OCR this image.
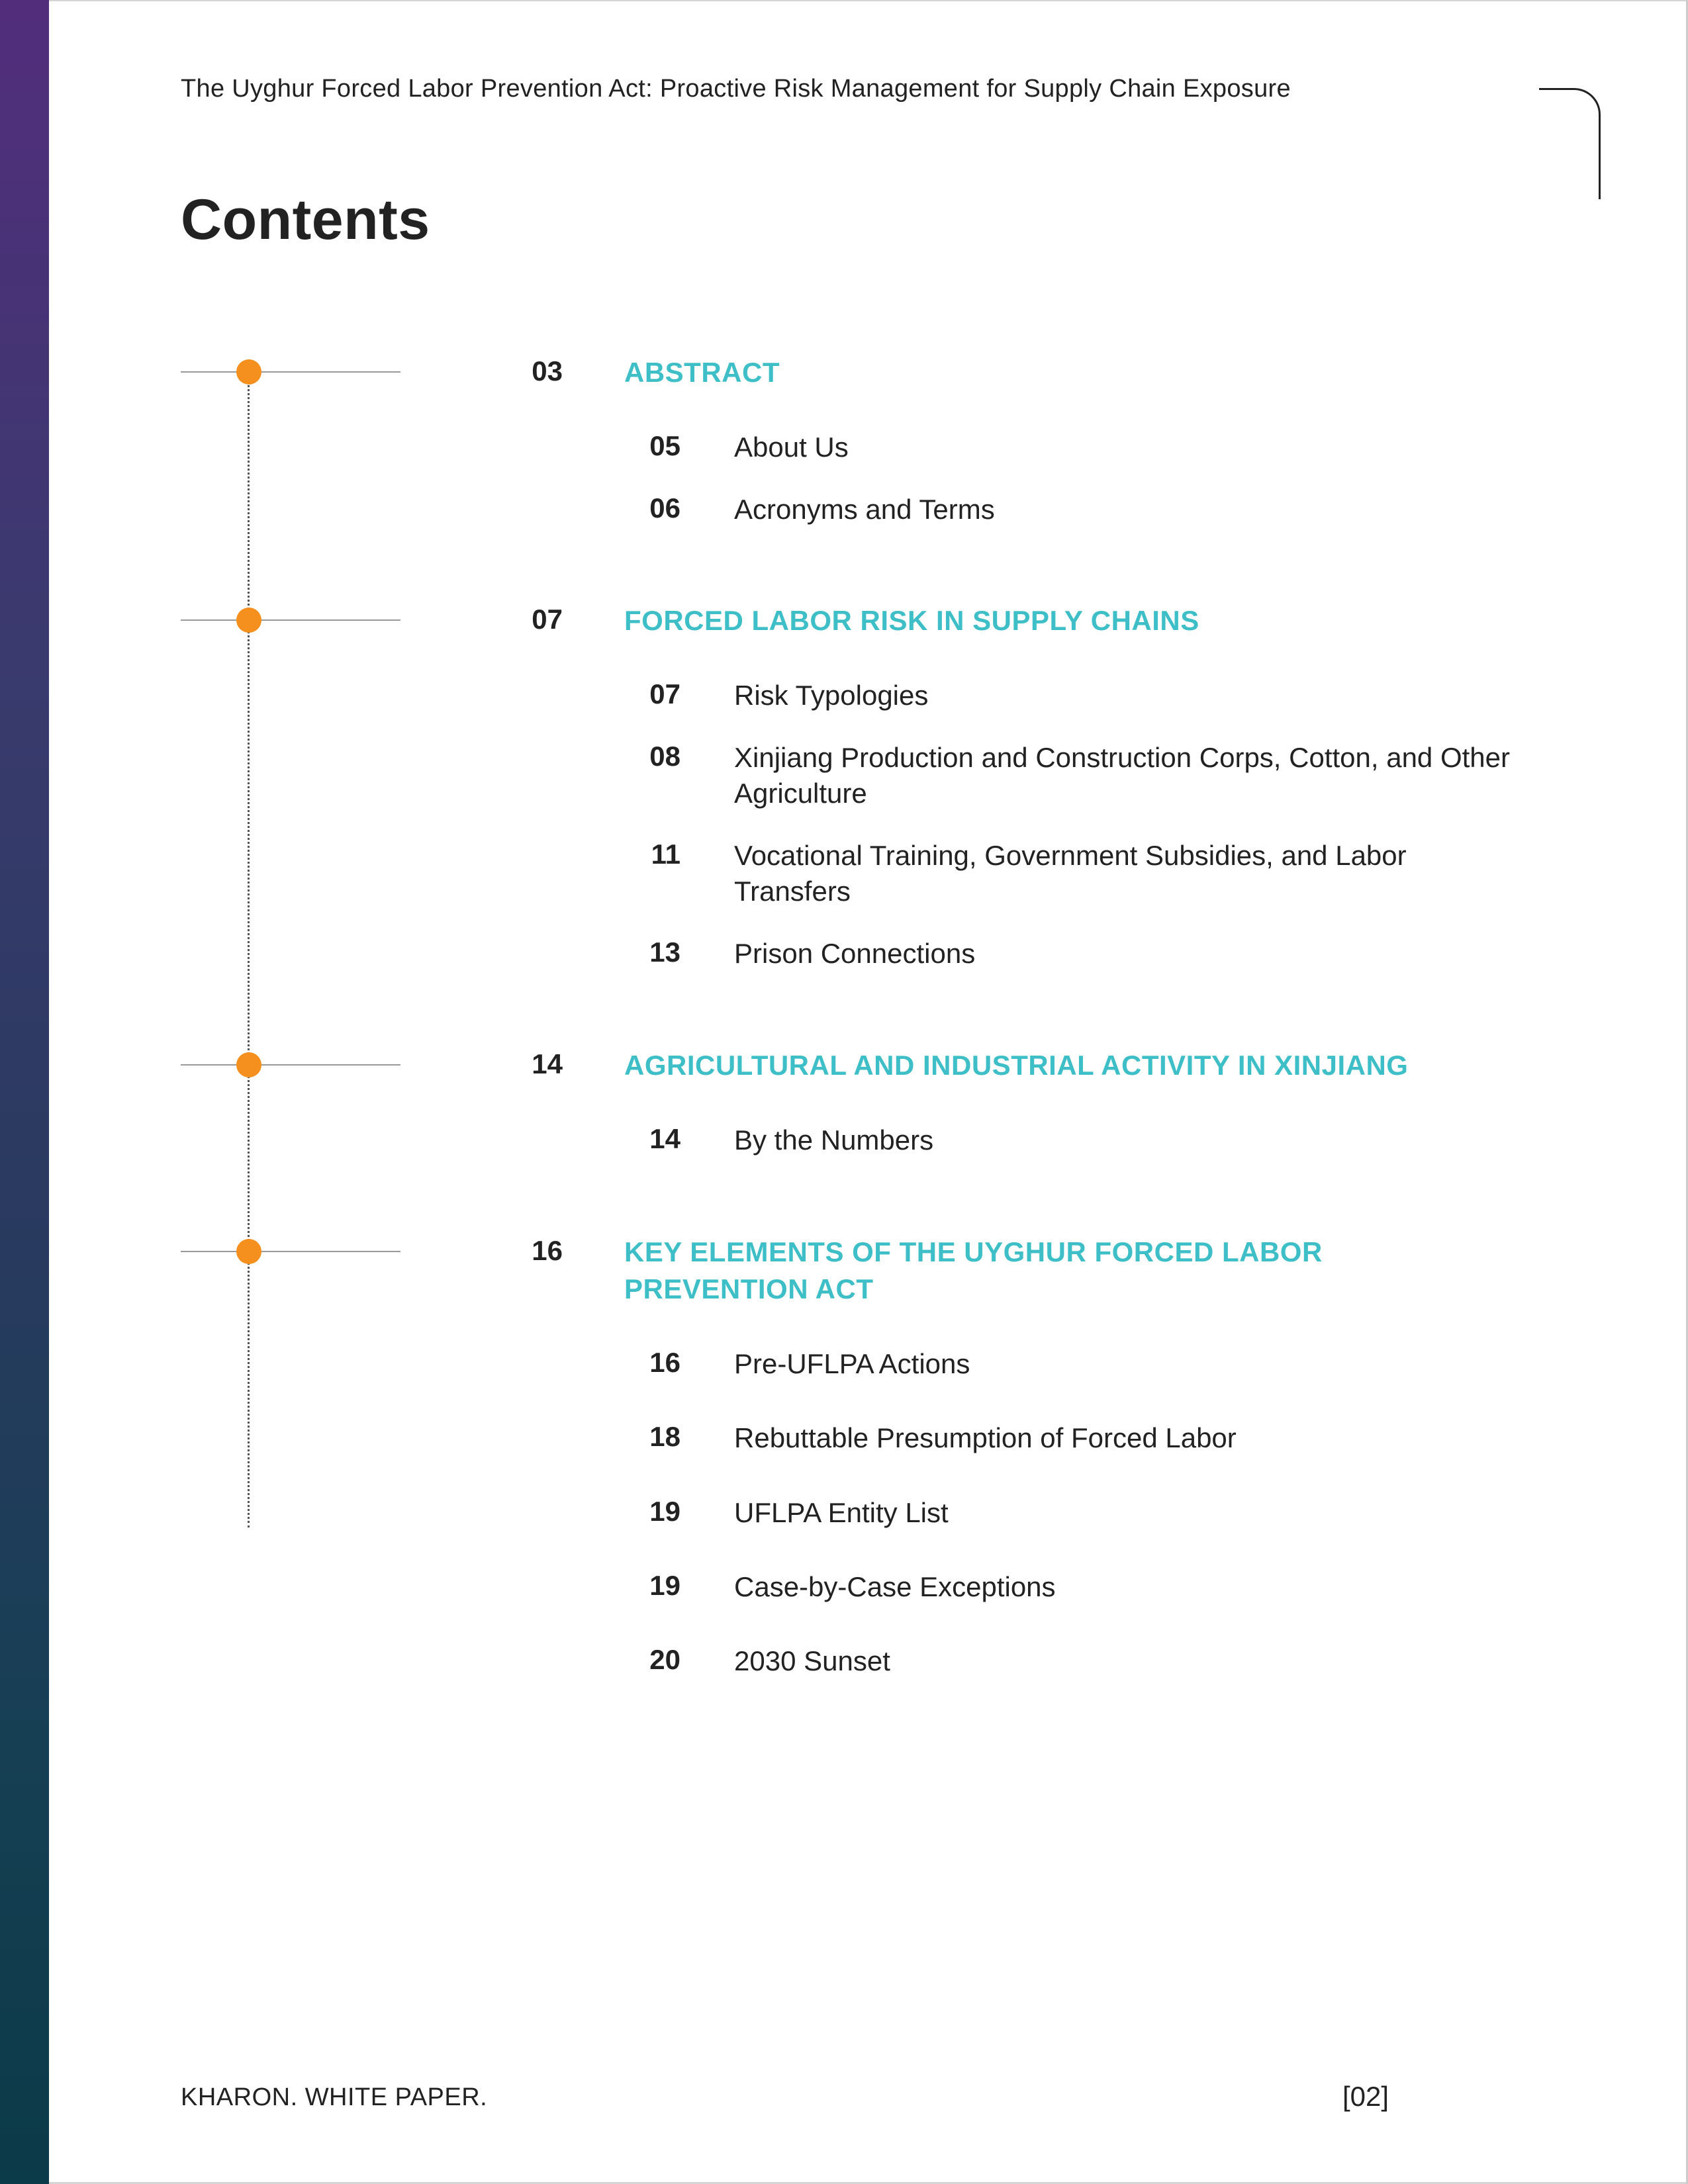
The Uyghur Forced Labor Prevention Act: Proactive Risk Management for Supply Chain Exposure
Contents
03 ABSTRACT
05 About Us
06 Acronyms and Terms
07 FORCED LABOR RISK IN SUPPLY CHAINS
07 Risk Typologies
08 Xinjiang Production and Construction Corps, Cotton, and Other Agriculture
11 Vocational Training, Government Subsidies, and Labor Transfers
13 Prison Connections
14 AGRICULTURAL AND INDUSTRIAL ACTIVITY IN XINJIANG
14 By the Numbers
16 KEY ELEMENTS OF THE UYGHUR FORCED LABOR PREVENTION ACT
16 Pre-UFLPA Actions
18 Rebuttable Presumption of Forced Labor
19 UFLPA Entity List
19 Case-by-Case Exceptions
20 2030 Sunset
KHARON. WHITE PAPER.	[02]
